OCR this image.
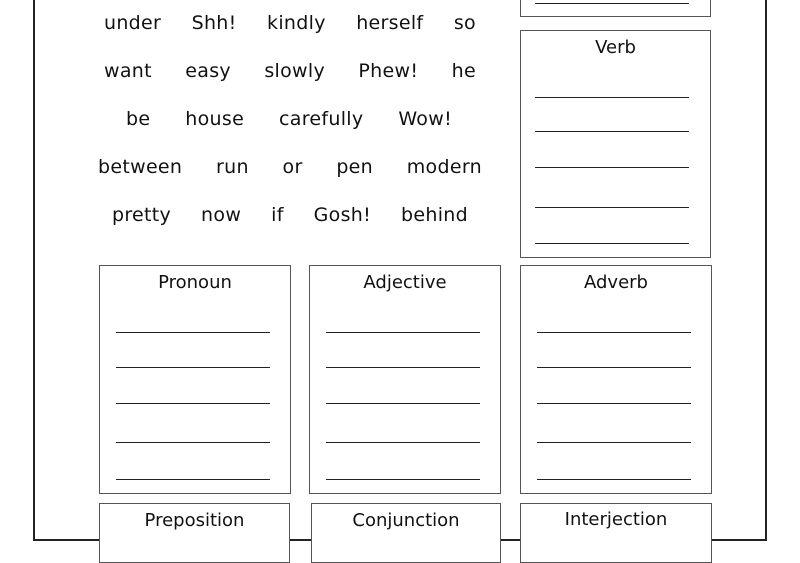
under Shh! kindly herself so
want easy slowly Phew! he
be house carefully Wow!
between run or pen modern
pretty now if Gosh! behind
Verb
Pronoun	Adjective	Adverb
Preposition	Conjunction	Interjection
